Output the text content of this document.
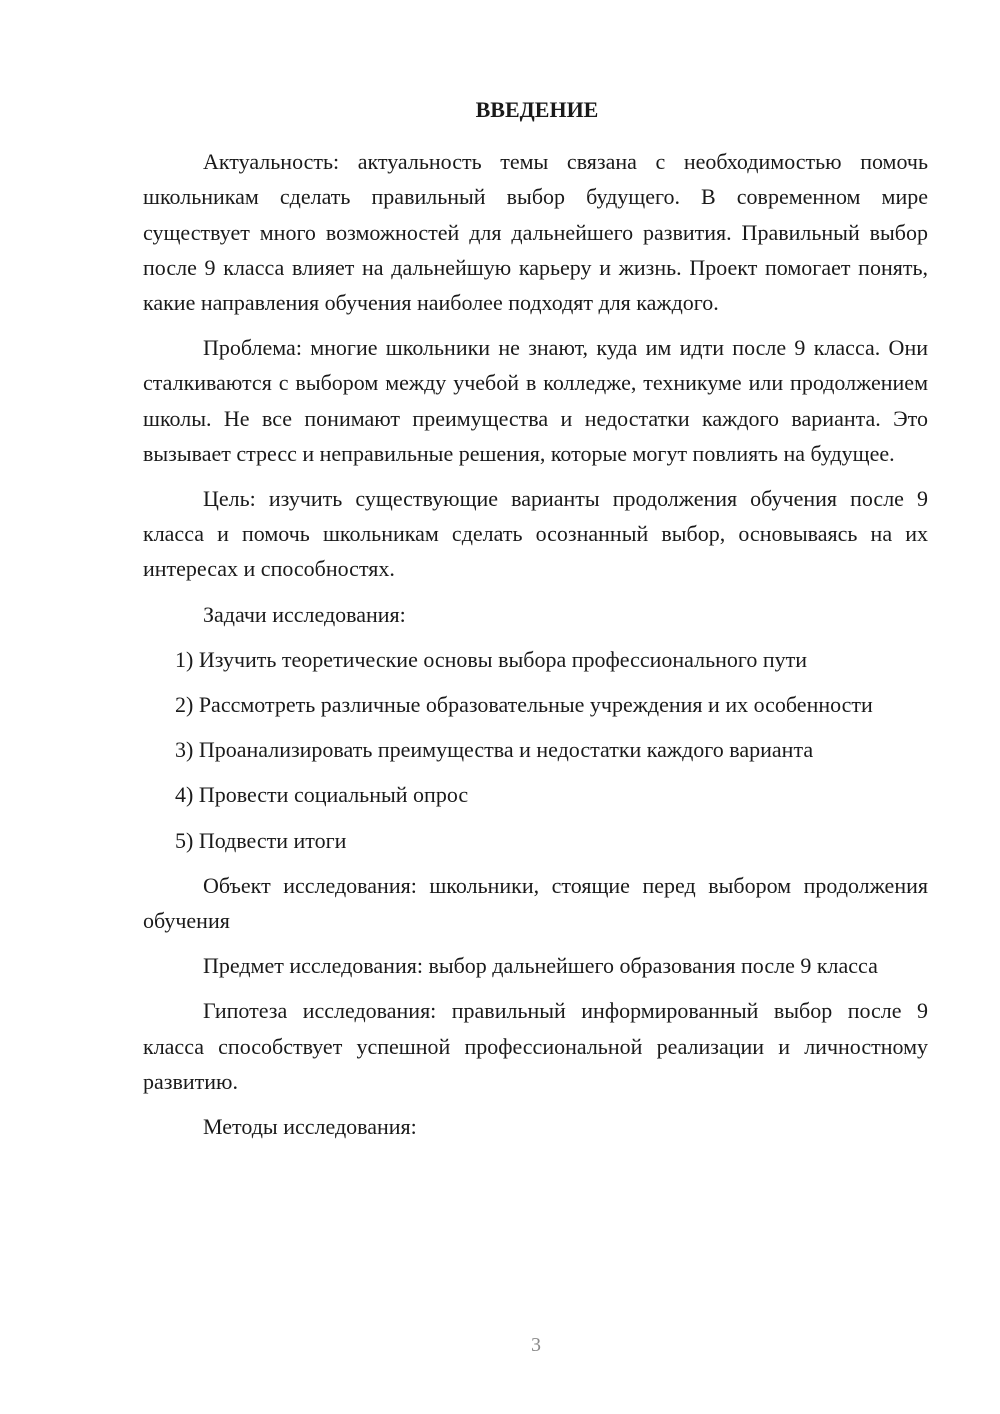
ВВЕДЕНИЕ

Актуальность: актуальность темы связана с необходимостью помочь школьникам сделать правильный выбор будущего. В современном мире существует много возможностей для дальнейшего развития. Правильный выбор после 9 класса влияет на дальнейшую карьеру и жизнь. Проект помогает понять, какие направления обучения наиболее подходят для каждого.

Проблема: многие школьники не знают, куда им идти после 9 класса. Они сталкиваются с выбором между учебой в колледже, техникуме или продолжением школы. Не все понимают преимущества и недостатки каждого варианта. Это вызывает стресс и неправильные решения, которые могут повлиять на будущее.

Цель: изучить существующие варианты продолжения обучения после 9 класса и помочь школьникам сделать осознанный выбор, основываясь на их интересах и способностях.

Задачи исследования:

1) Изучить теоретические основы выбора профессионального пути

2) Рассмотреть различные образовательные учреждения и их особенности

3) Проанализировать преимущества и недостатки каждого варианта

4) Провести социальный опрос

5) Подвести итоги

Объект исследования: школьники, стоящие перед выбором продолжения обучения

Предмет исследования: выбор дальнейшего образования после 9 класса

Гипотеза исследования: правильный информированный выбор после 9 класса способствует успешной профессиональной реализации и личностному развитию.

Методы исследования:

3
